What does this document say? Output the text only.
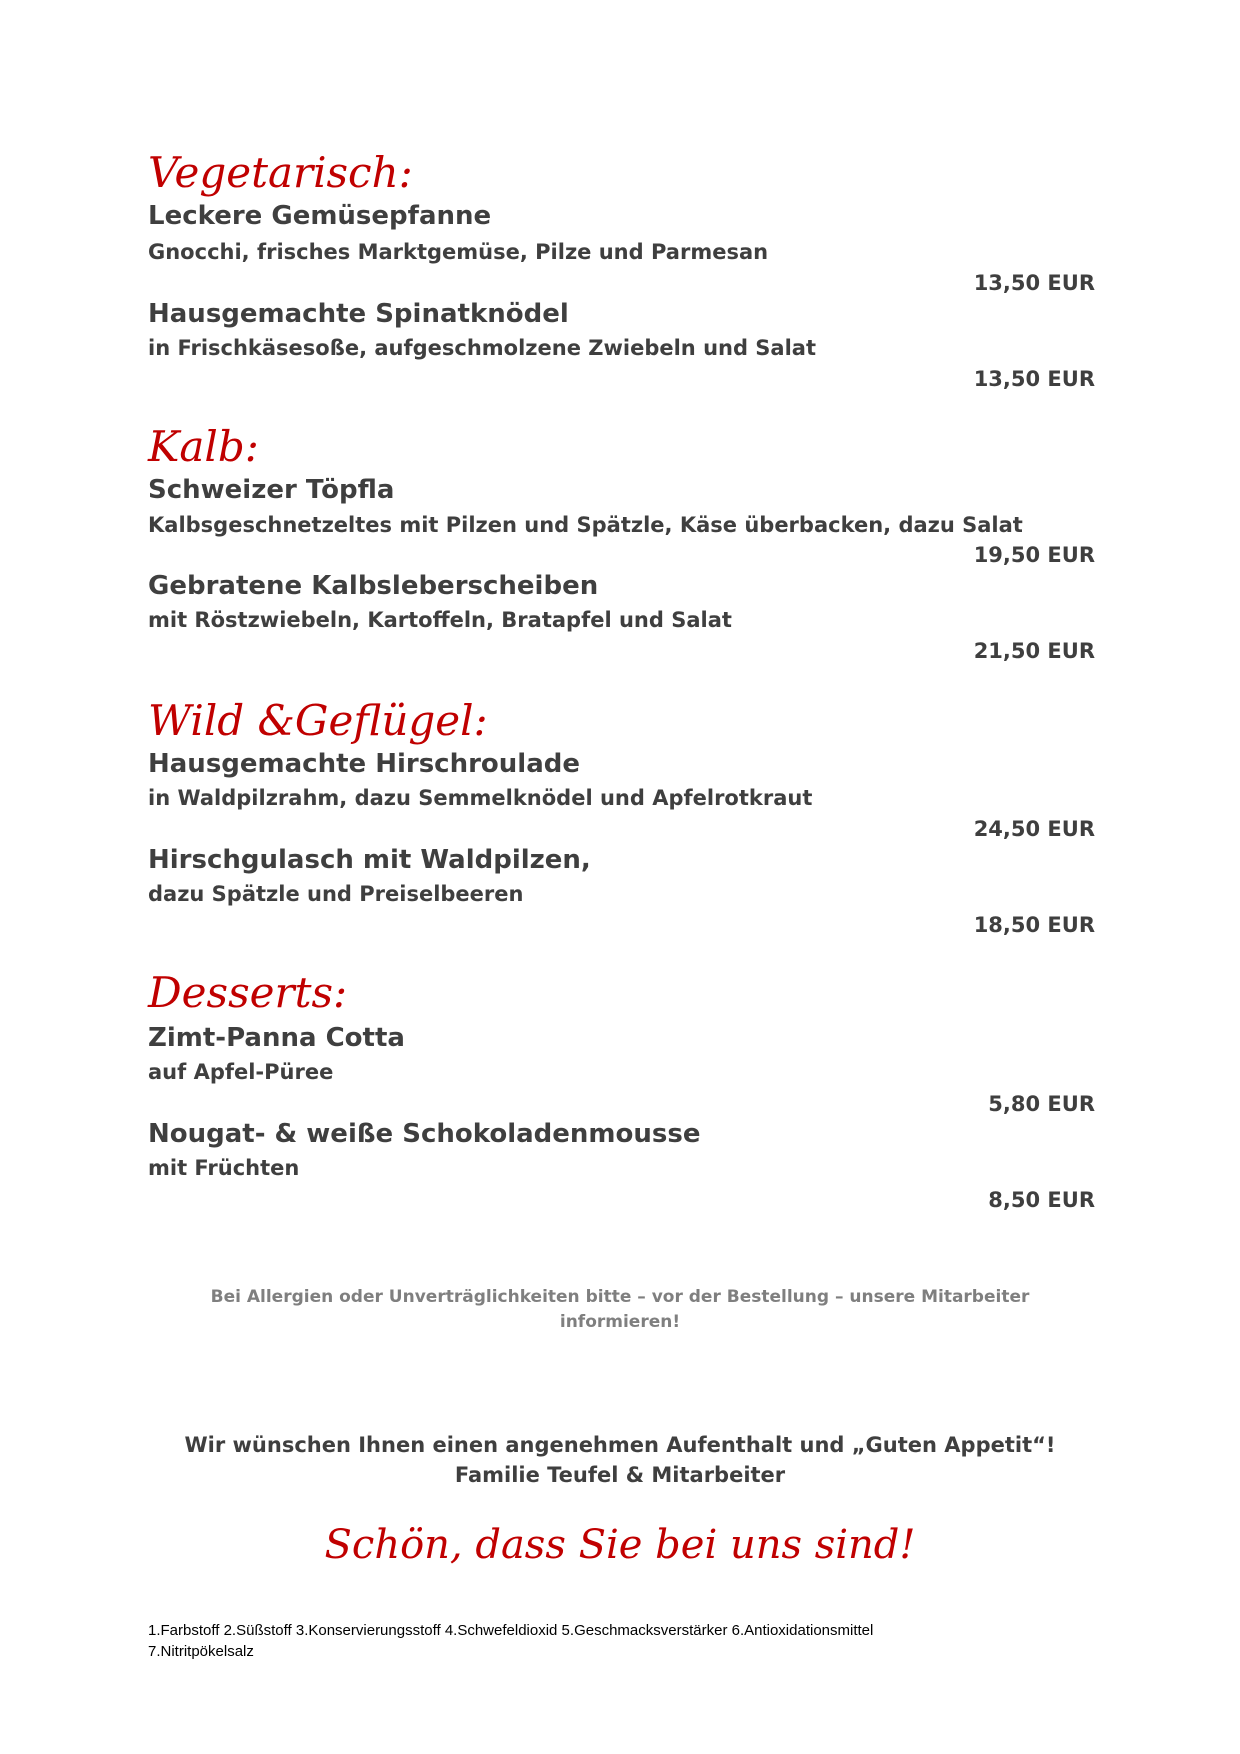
Vegetarisch:
Leckere Gemüsepfanne
Gnocchi, frisches Marktgemüse, Pilze und Parmesan
13,50 EUR
Hausgemachte Spinatknödel
in Frischkäsesoße, aufgeschmolzene Zwiebeln und Salat
13,50 EUR
Kalb:
Schweizer Töpfla
Kalbsgeschnetzeltes mit Pilzen und Spätzle, Käse überbacken, dazu Salat
19,50 EUR
Gebratene Kalbsleberscheiben
mit Röstzwiebeln, Kartoffeln, Bratapfel und Salat
21,50 EUR
Wild &Geflügel:
Hausgemachte Hirschroulade
in Waldpilzrahm, dazu Semmelknödel und Apfelrotkraut
24,50 EUR
Hirschgulasch mit Waldpilzen,
dazu Spätzle und Preiselbeeren
18,50 EUR
Desserts:
Zimt-Panna Cotta
auf Apfel-Püree
5,80 EUR
Nougat- & weiße Schokoladenmousse
mit Früchten
8,50 EUR

Bei Allergien oder Unverträglichkeiten bitte – vor der Bestellung – unsere Mitarbeiter
informieren!

Wir wünschen Ihnen einen angenehmen Aufenthalt und „Guten Appetit“!
Familie Teufel & Mitarbeiter

Schön, dass Sie bei uns sind!

1.Farbstoff 2.Süßstoff 3.Konservierungsstoff 4.Schwefeldioxid 5.Geschmacksverstärker 6.Antioxidationsmittel
7.Nitritpökelsalz
